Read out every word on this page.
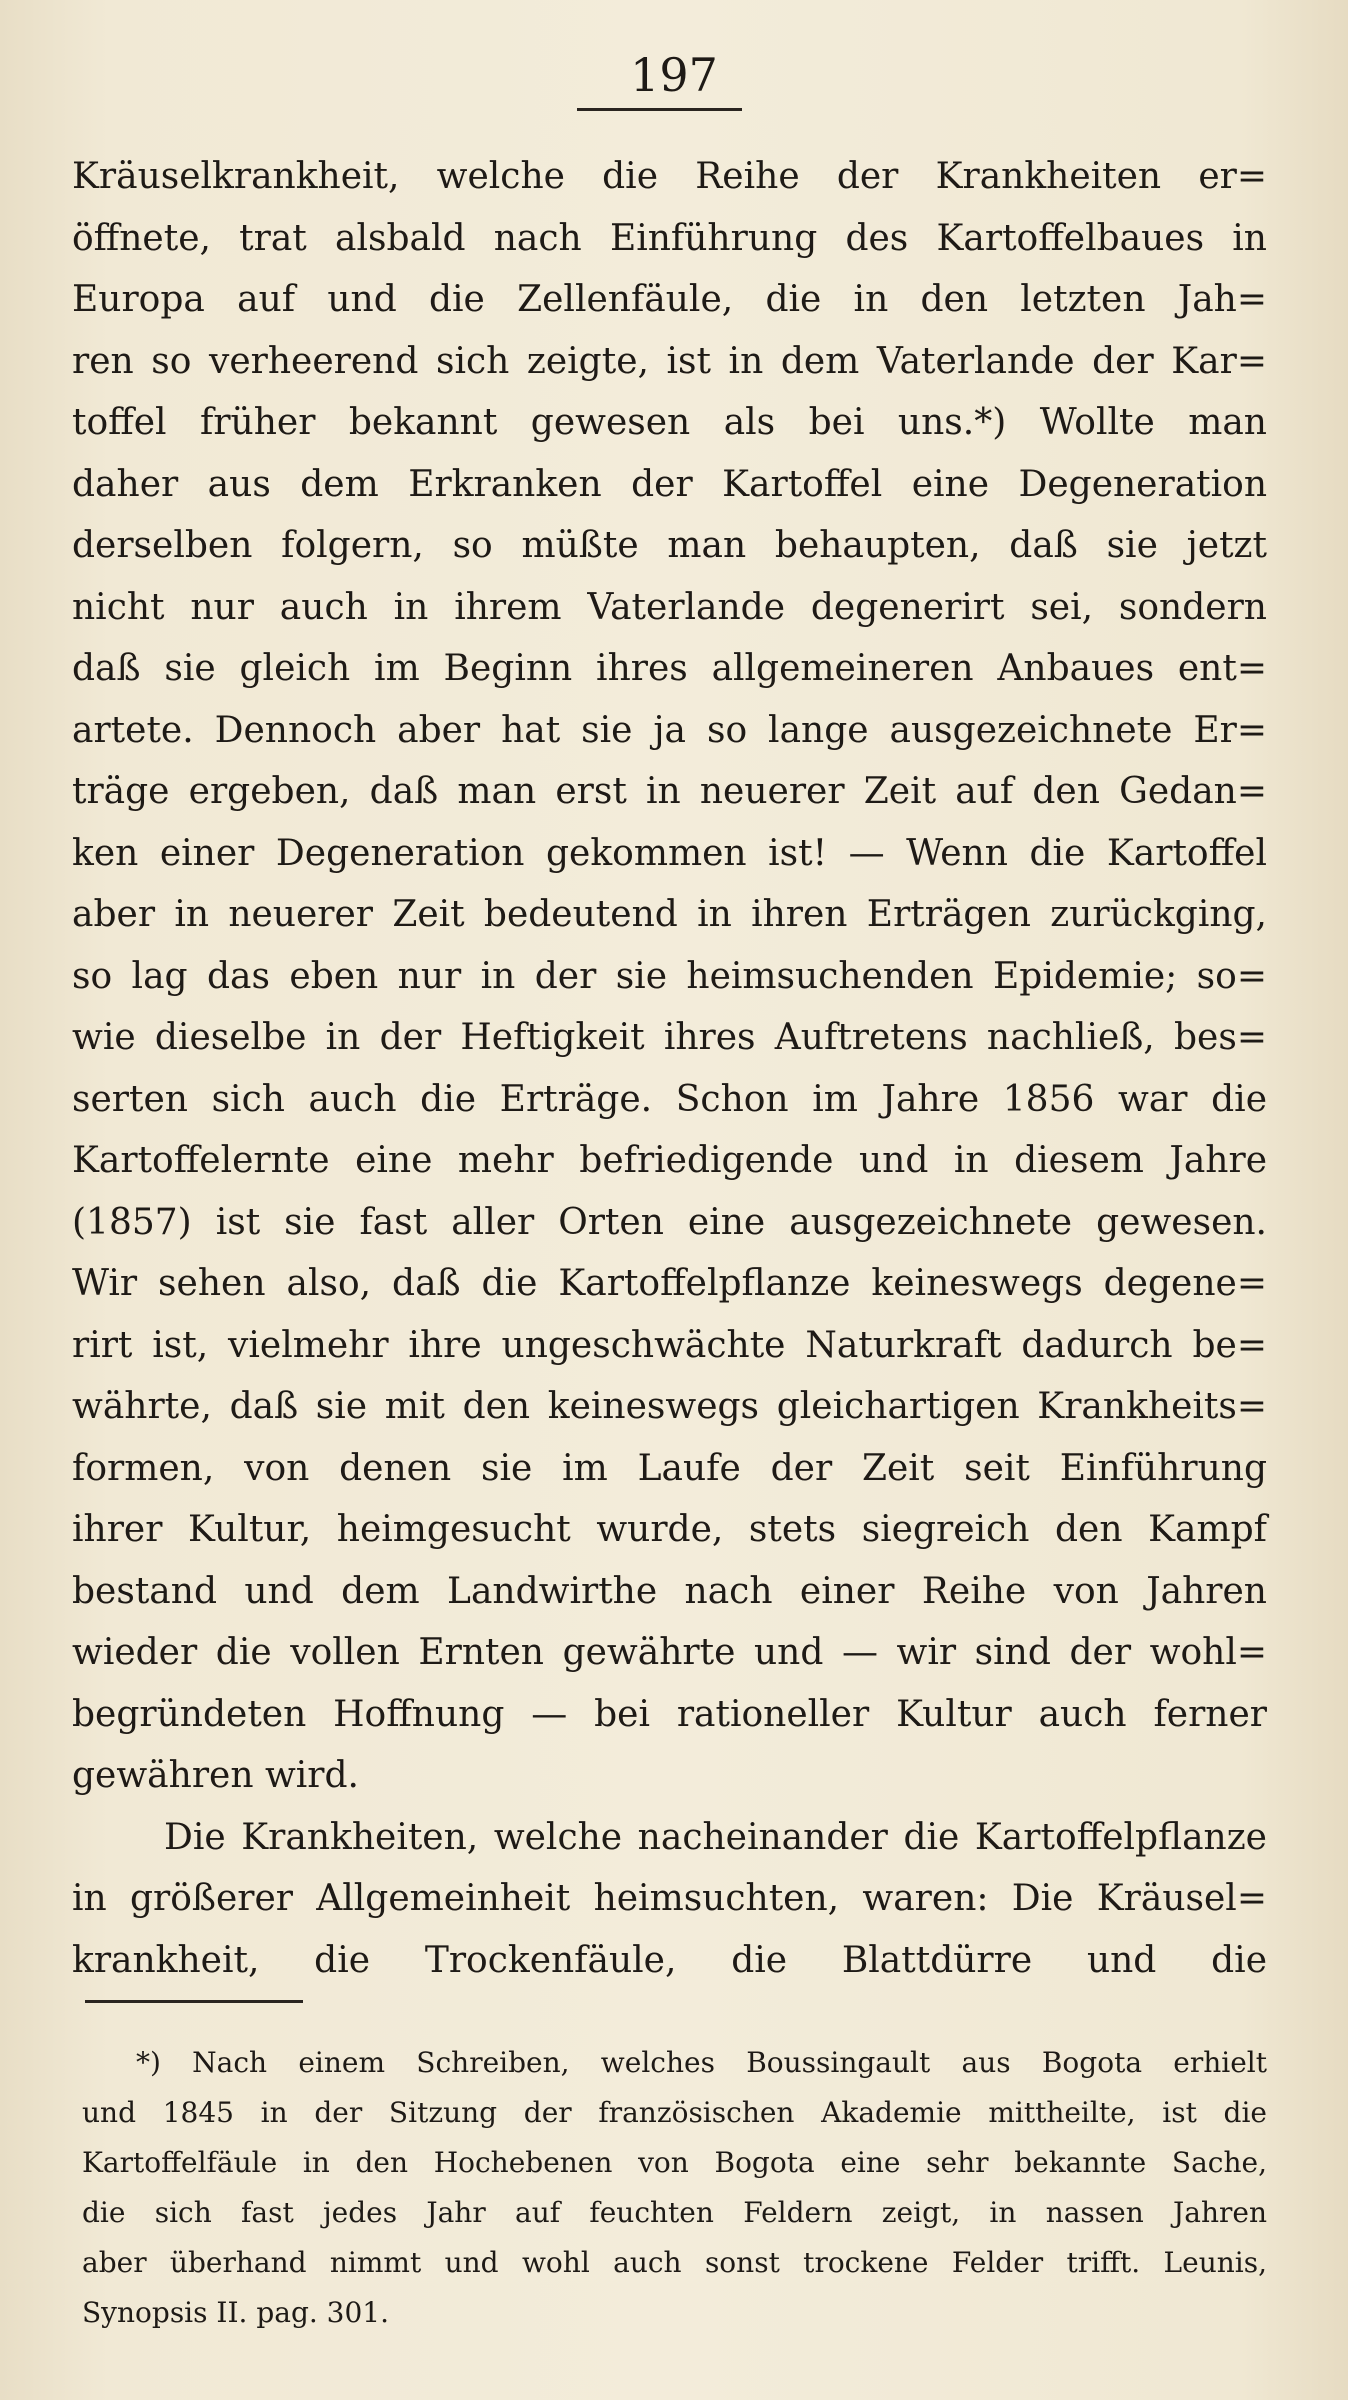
197
Kräuselkrankheit, welche die Reihe der Krankheiten er=
öffnete, trat alsbald nach Einführung des Kartoffelbaues in
Europa auf und die Zellenfäule, die in den letzten Jah=
ren so verheerend sich zeigte, ist in dem Vaterlande der Kar=
toffel früher bekannt gewesen als bei uns.*) Wollte man
daher aus dem Erkranken der Kartoffel eine Degeneration
derselben folgern, so müßte man behaupten, daß sie jetzt
nicht nur auch in ihrem Vaterlande degenerirt sei, sondern
daß sie gleich im Beginn ihres allgemeineren Anbaues ent=
artete. Dennoch aber hat sie ja so lange ausgezeichnete Er=
träge ergeben, daß man erst in neuerer Zeit auf den Gedan=
ken einer Degeneration gekommen ist! — Wenn die Kartoffel
aber in neuerer Zeit bedeutend in ihren Erträgen zurückging,
so lag das eben nur in der sie heimsuchenden Epidemie; so=
wie dieselbe in der Heftigkeit ihres Auftretens nachließ, bes=
serten sich auch die Erträge. Schon im Jahre 1856 war die
Kartoffelernte eine mehr befriedigende und in diesem Jahre
(1857) ist sie fast aller Orten eine ausgezeichnete gewesen.
Wir sehen also, daß die Kartoffelpflanze keineswegs degene=
rirt ist, vielmehr ihre ungeschwächte Naturkraft dadurch be=
währte, daß sie mit den keineswegs gleichartigen Krankheits=
formen, von denen sie im Laufe der Zeit seit Einführung
ihrer Kultur, heimgesucht wurde, stets siegreich den Kampf
bestand und dem Landwirthe nach einer Reihe von Jahren
wieder die vollen Ernten gewährte und — wir sind der wohl=
begründeten Hoffnung — bei rationeller Kultur auch ferner
gewähren wird.
Die Krankheiten, welche nacheinander die Kartoffelpflanze
in größerer Allgemeinheit heimsuchten, waren: Die Kräusel=
krankheit, die Trockenfäule, die Blattdürre und die
*) Nach einem Schreiben, welches Boussingault aus Bogota erhielt
und 1845 in der Sitzung der französischen Akademie mittheilte, ist die
Kartoffelfäule in den Hochebenen von Bogota eine sehr bekannte Sache,
die sich fast jedes Jahr auf feuchten Feldern zeigt, in nassen Jahren
aber überhand nimmt und wohl auch sonst trockene Felder trifft. Leunis,
Synopsis II. pag. 301.
